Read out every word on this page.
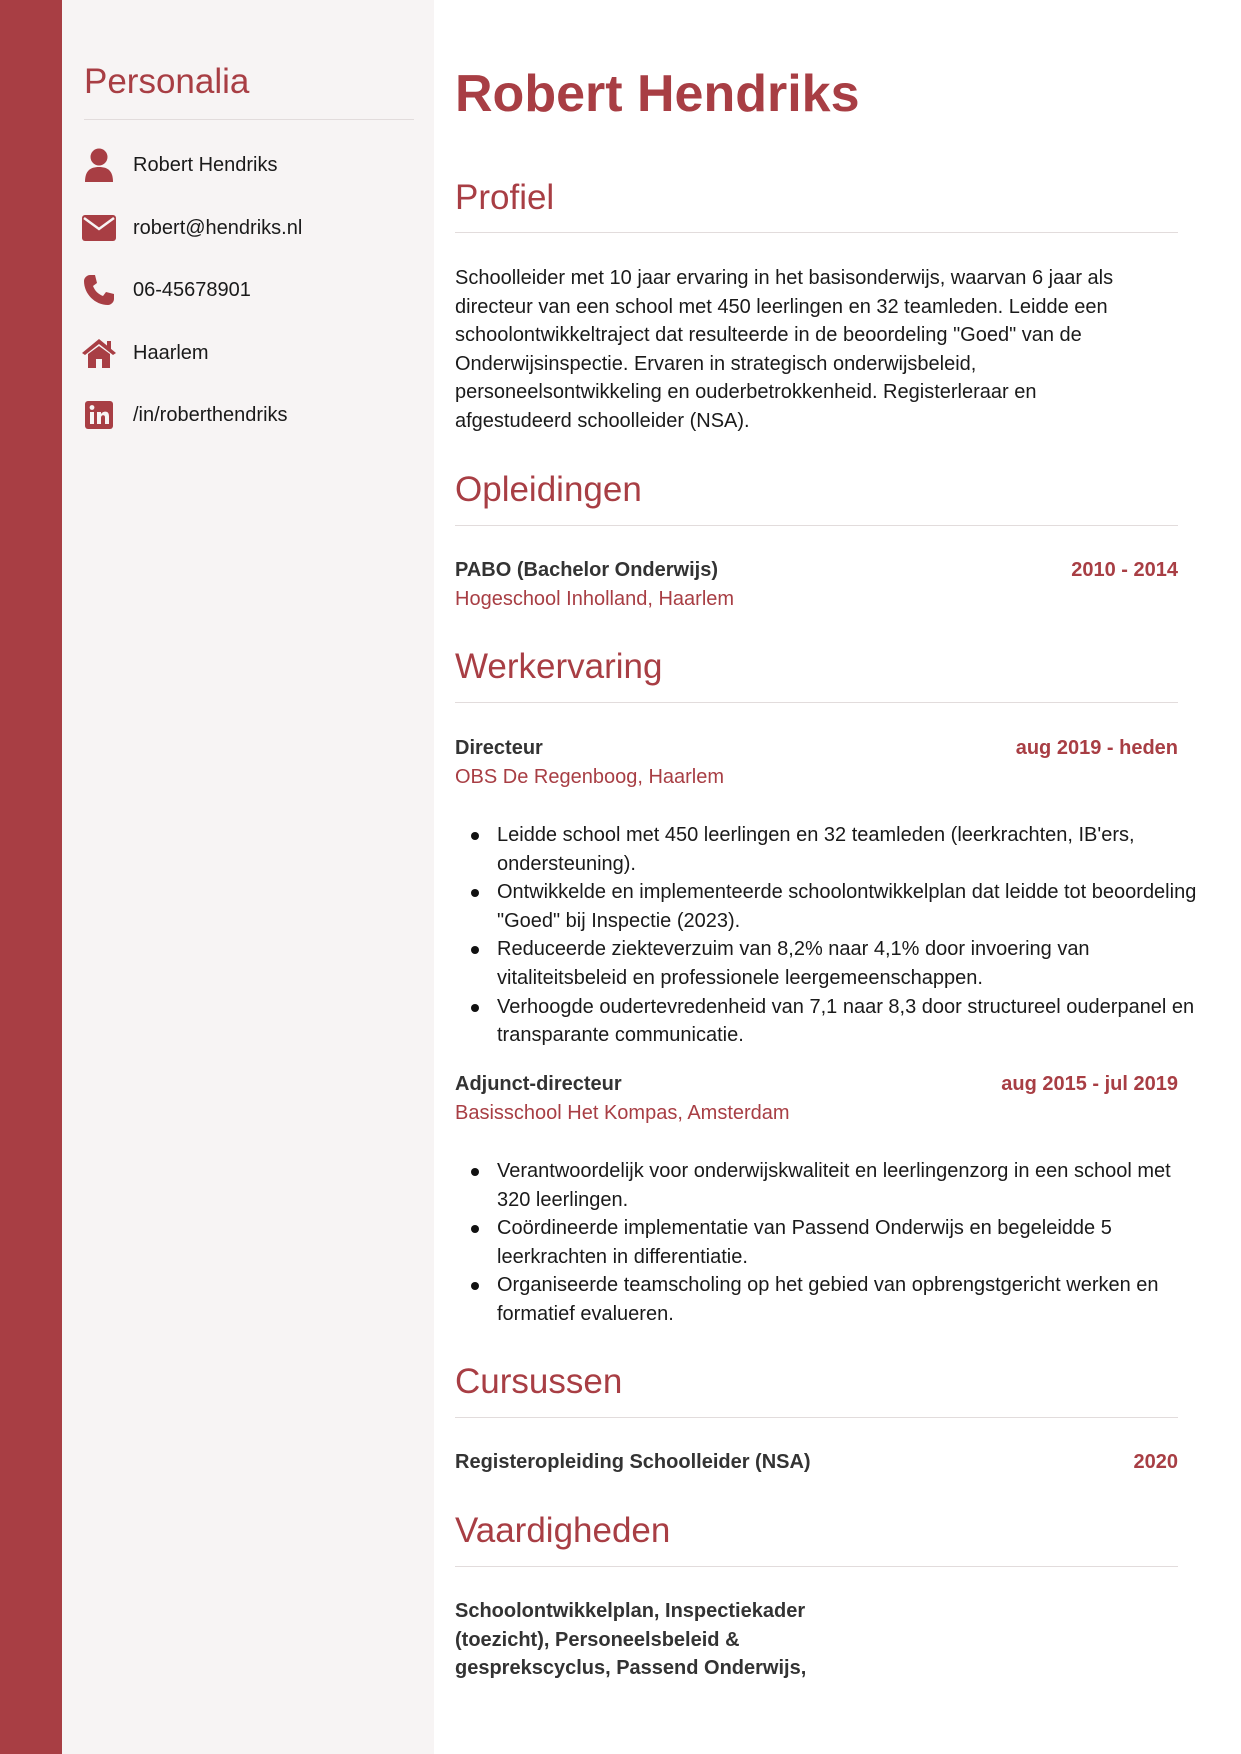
Personalia
Robert Hendriks
robert@hendriks.nl
06-45678901
Haarlem
/in/roberthendriks
Robert Hendriks
Profiel

Schoolleider met 10 jaar ervaring in het basisonderwijs, waarvan 6 jaar als directeur van een school met 450 leerlingen en 32 teamleden. Leidde een schoolontwikkeltraject dat resulteerde in de beoordeling "Goed" van de Onderwijsinspectie. Ervaren in strategisch onderwijsbeleid, personeelsontwikkeling en ouderbetrokkenheid. Registerleraar en afgestudeerd schoolleider (NSA).

Opleidingen
PABO (Bachelor Onderwijs)	2010 - 2014
Hogeschool Inholland, Haarlem
Werkervaring
Directeur	aug 2019 - heden
OBS De Regenboog, Haarlem
Leidde school met 450 leerlingen en 32 teamleden (leerkrachten, IB'ers, ondersteuning).
Ontwikkelde en implementeerde schoolontwikkelplan dat leidde tot beoordeling "Goed" bij Inspectie (2023).
Reduceerde ziekteverzuim van 8,2% naar 4,1% door invoering van vitaliteitsbeleid en professionele leergemeenschappen.
Verhoogde oudertevredenheid van 7,1 naar 8,3 door structureel ouderpanel en transparante communicatie.
Adjunct-directeur	aug 2015 - jul 2019
Basisschool Het Kompas, Amsterdam
Verantwoordelijk voor onderwijskwaliteit en leerlingenzorg in een school met 320 leerlingen.
Coördineerde implementatie van Passend Onderwijs en begeleidde 5 leerkrachten in differentiatie.
Organiseerde teamscholing op het gebied van opbrengstgericht werken en formatief evalueren.
Cursussen
Registeropleiding Schoolleider (NSA)	2020
Vaardigheden

Schoolontwikkelplan, Inspectiekader (toezicht), Personeelsbeleid & gesprekscyclus, Passend Onderwijs,
